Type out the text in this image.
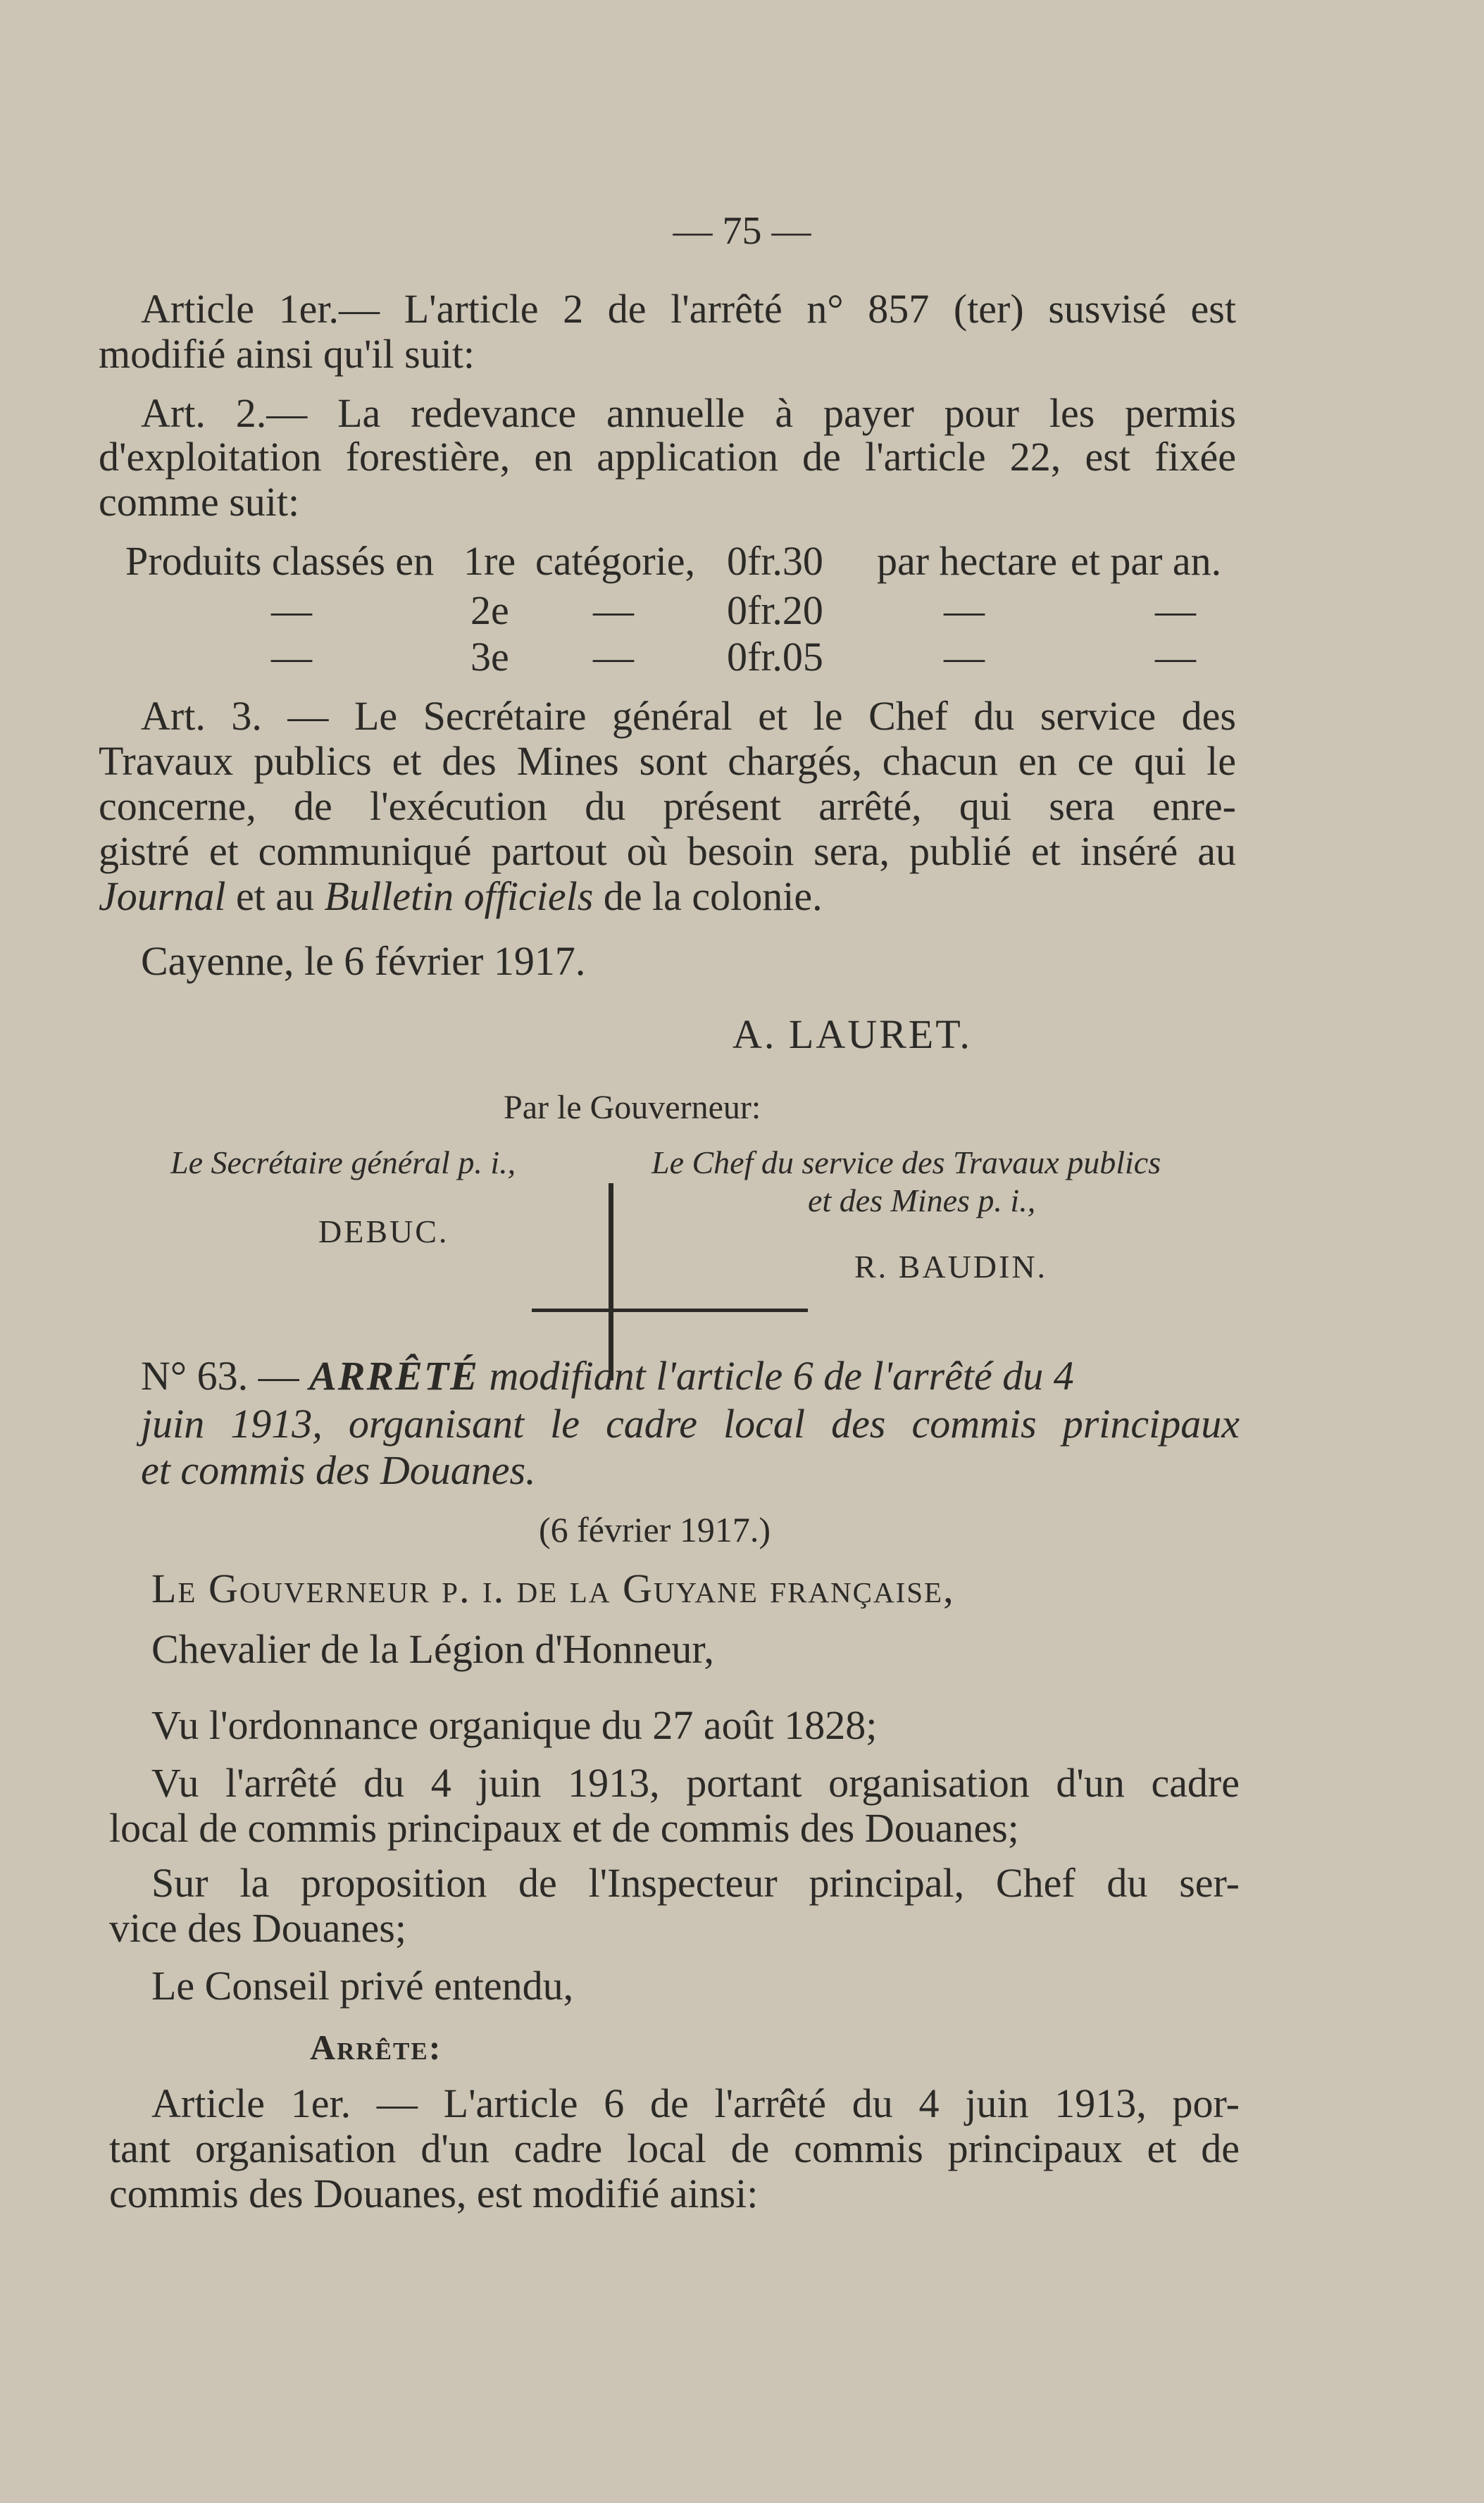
— 75 —
Article 1er.— L'article 2 de l'arrêté n° 857 (ter) susvisé est
modifié ainsi qu'il suit:
Art. 2.— La redevance annuelle à payer pour les permis
d'exploitation forestière, en application de l'article 22, est fixée
comme suit:
Produits classés en 1re catégorie, 0fr.30 par hectare et par an.
—	2e — 0fr.20	—	—
—	3e — 0fr.05	—	—
Art. 3. — Le Secrétaire général et le Chef du service des
Travaux publics et des Mines sont chargés, chacun en ce qui le
concerne, de l'exécution du présent arrêté, qui sera enre-
gistré et communiqué partout où besoin sera, publié et inséré au
Journal et au Bulletin officiels de la colonie.
Cayenne, le 6 février 1917.
A. LAURET.
Par le Gouverneur:
Le Secrétaire général p. i.,
DEBUC.
Le Chef du service des Travaux publics
et des Mines p. i.,
R. BAUDIN.
N° 63. — ARRÊTÉ modifiant l'article 6 de l'arrêté du 4
juin 1913, organisant le cadre local des commis principaux
et commis des Douanes.
(6 février 1917.)
Le Gouverneur p. i. de la Guyane française,
Chevalier de la Légion d'Honneur,
Vu l'ordonnance organique du 27 août 1828;
Vu l'arrêté du 4 juin 1913, portant organisation d'un cadre
local de commis principaux et de commis des Douanes;
Sur la proposition de l'Inspecteur principal, Chef du ser-
vice des Douanes;
Le Conseil privé entendu,
Arrête:
Article 1er. — L'article 6 de l'arrêté du 4 juin 1913, por-
tant organisation d'un cadre local de commis principaux et de
commis des Douanes, est modifié ainsi:
